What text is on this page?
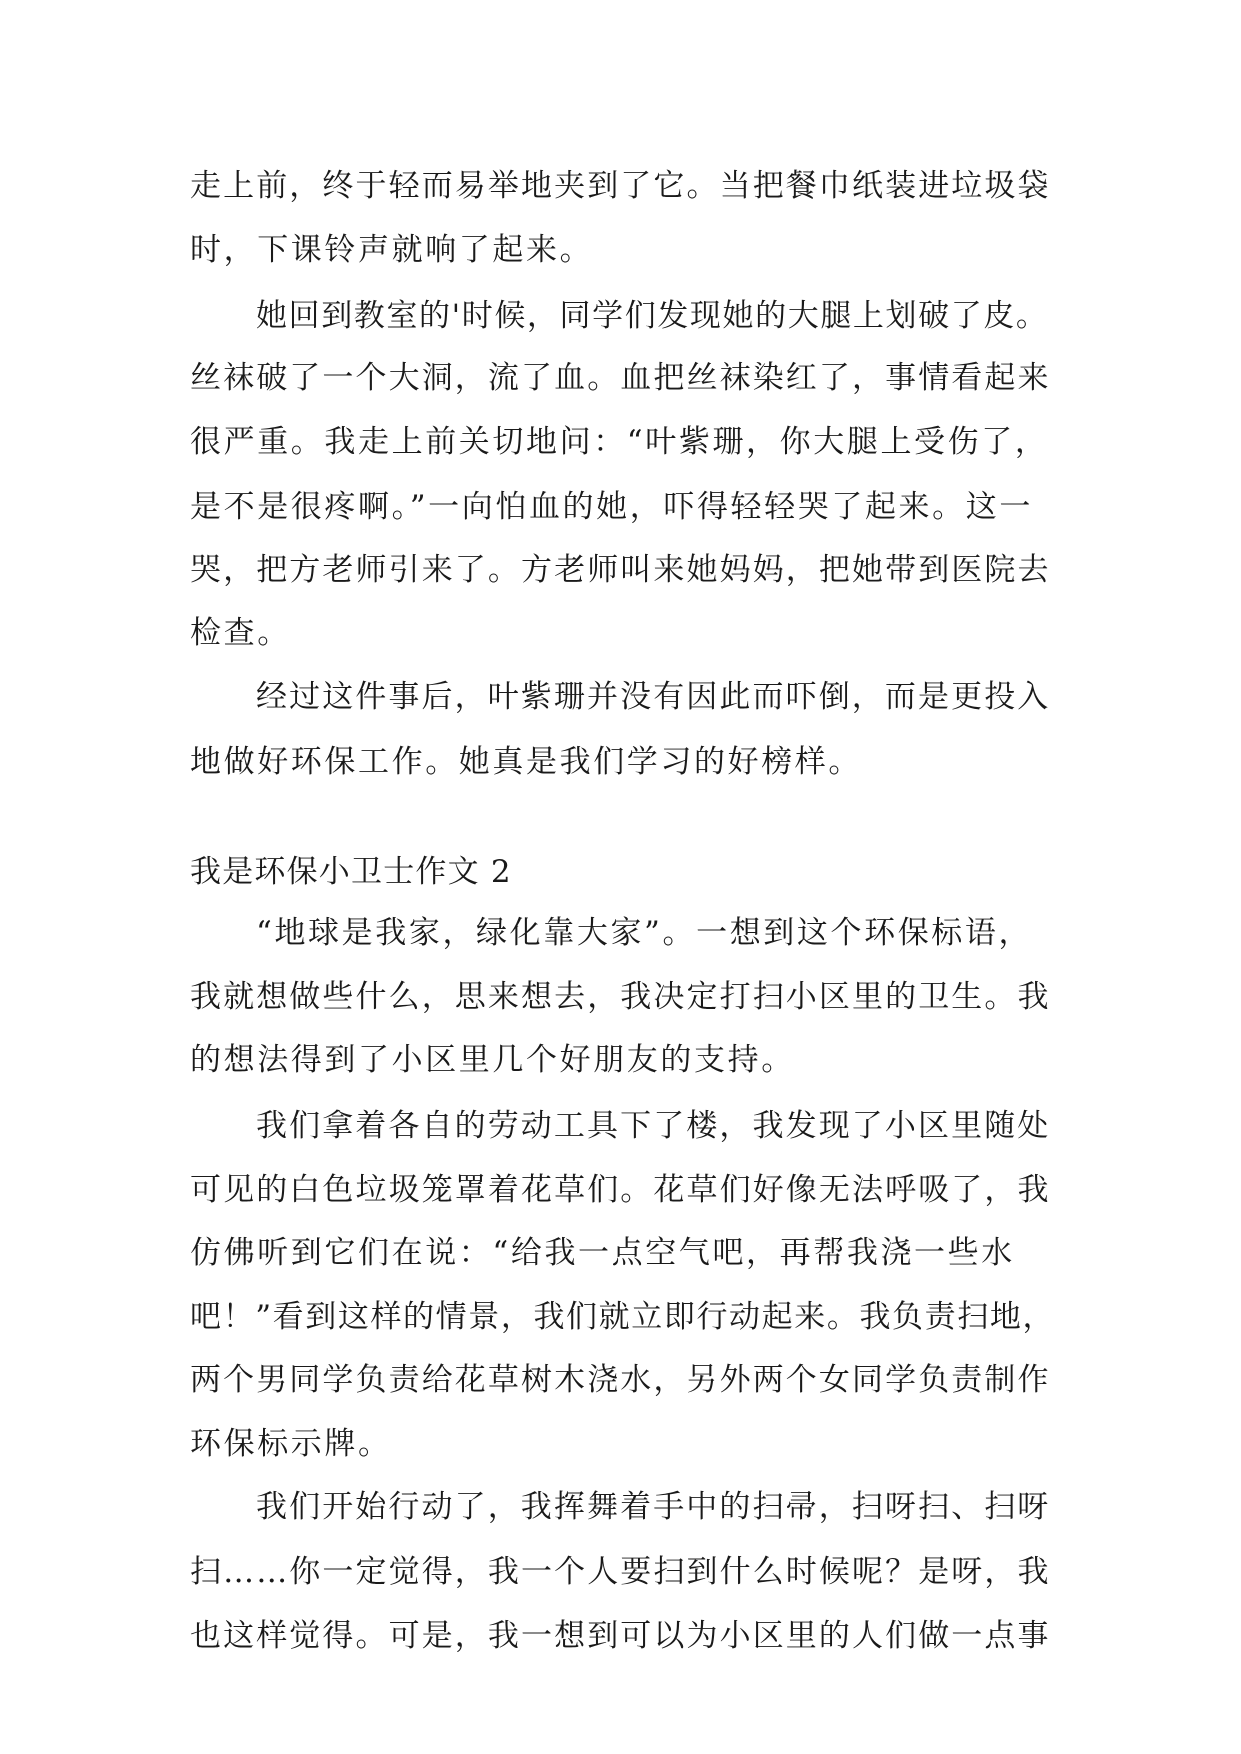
走上前，终于轻而易举地夹到了它。当把餐巾纸装进垃圾袋
时，下课铃声就响了起来。
她回到教室的'时候，同学们发现她的大腿上划破了皮。
丝袜破了一个大洞，流了血。血把丝袜染红了，事情看起来
很严重。我走上前关切地问：“叶紫珊，你大腿上受伤了，
是不是很疼啊。”一向怕血的她，吓得轻轻哭了起来。这一
哭，把方老师引来了。方老师叫来她妈妈，把她带到医院去
检查。
经过这件事后，叶紫珊并没有因此而吓倒，而是更投入
地做好环保工作。她真是我们学习的好榜样。
我是环保小卫士作文 2
“地球是我家，绿化靠大家”。一想到这个环保标语，
我就想做些什么，思来想去，我决定打扫小区里的卫生。我
的想法得到了小区里几个好朋友的支持。
我们拿着各自的劳动工具下了楼，我发现了小区里随处
可见的白色垃圾笼罩着花草们。花草们好像无法呼吸了，我
仿佛听到它们在说：“给我一点空气吧，再帮我浇一些水
吧！”看到这样的情景，我们就立即行动起来。我负责扫地，
两个男同学负责给花草树木浇水，另外两个女同学负责制作
环保标示牌。
我们开始行动了，我挥舞着手中的扫帚，扫呀扫、扫呀
扫……你一定觉得，我一个人要扫到什么时候呢？是呀，我
也这样觉得。可是，我一想到可以为小区里的人们做一点事
